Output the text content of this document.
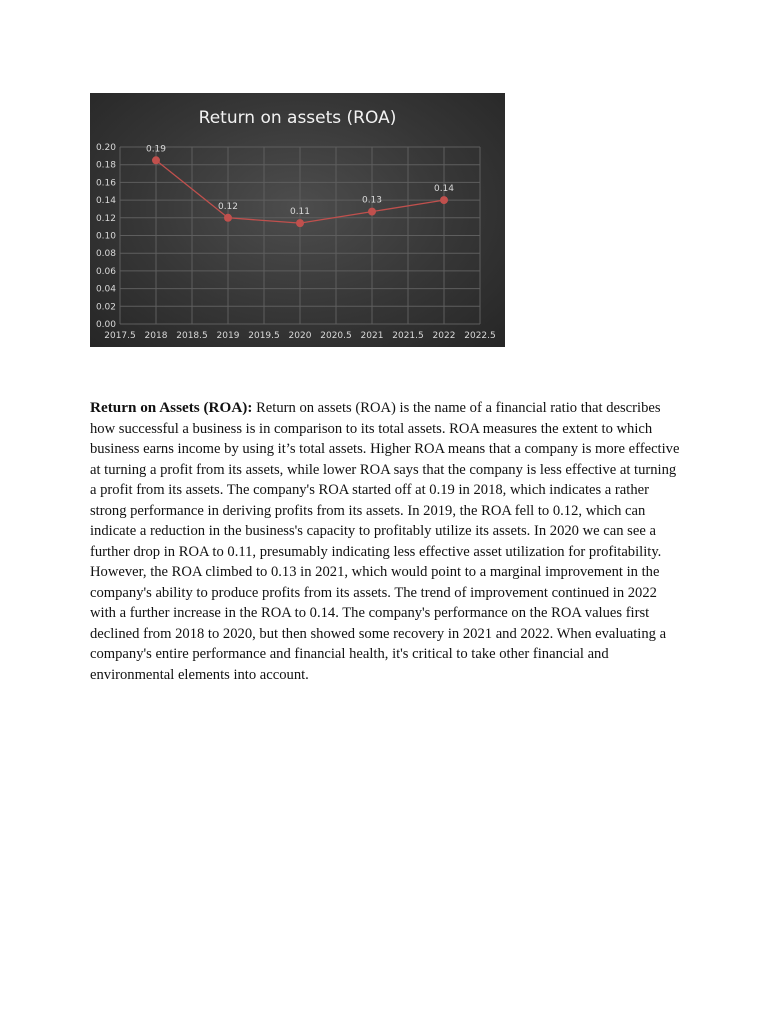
Return on assets (ROA)
0.00
0.02
0.04
0.06
0.08
0.10
0.12
0.14
0.16
0.18
0.20
2017.5 2018 2018.5 2019 2019.5 2020 2020.5 2021 2021.5 2022 2022.5
0.19
0.12
0.11
0.13
0.14
Return on Assets (ROA): Return on assets (ROA) is the name of a financial ratio that describes how successful a business is in comparison to its total assets. ROA measures the extent to which business earns income by using it’s total assets. Higher ROA means that a company is more effective at turning a profit from its assets, while lower ROA says that the company is less effective at turning a profit from its assets. The company's ROA started off at 0.19 in 2018, which indicates a rather strong performance in deriving profits from its assets. In 2019, the ROA fell to 0.12, which can indicate a reduction in the business's capacity to profitably utilize its assets. In 2020 we can see a further drop in ROA to 0.11, presumably indicating less effective asset utilization for profitability. However, the ROA climbed to 0.13 in 2021, which would point to a marginal improvement in the company's ability to produce profits from its assets. The trend of improvement continued in 2022 with a further increase in the ROA to 0.14. The company's performance on the ROA values first declined from 2018 to 2020, but then showed some recovery in 2021 and 2022. When evaluating a company's entire performance and financial health, it's critical to take other financial and environmental elements into account.
